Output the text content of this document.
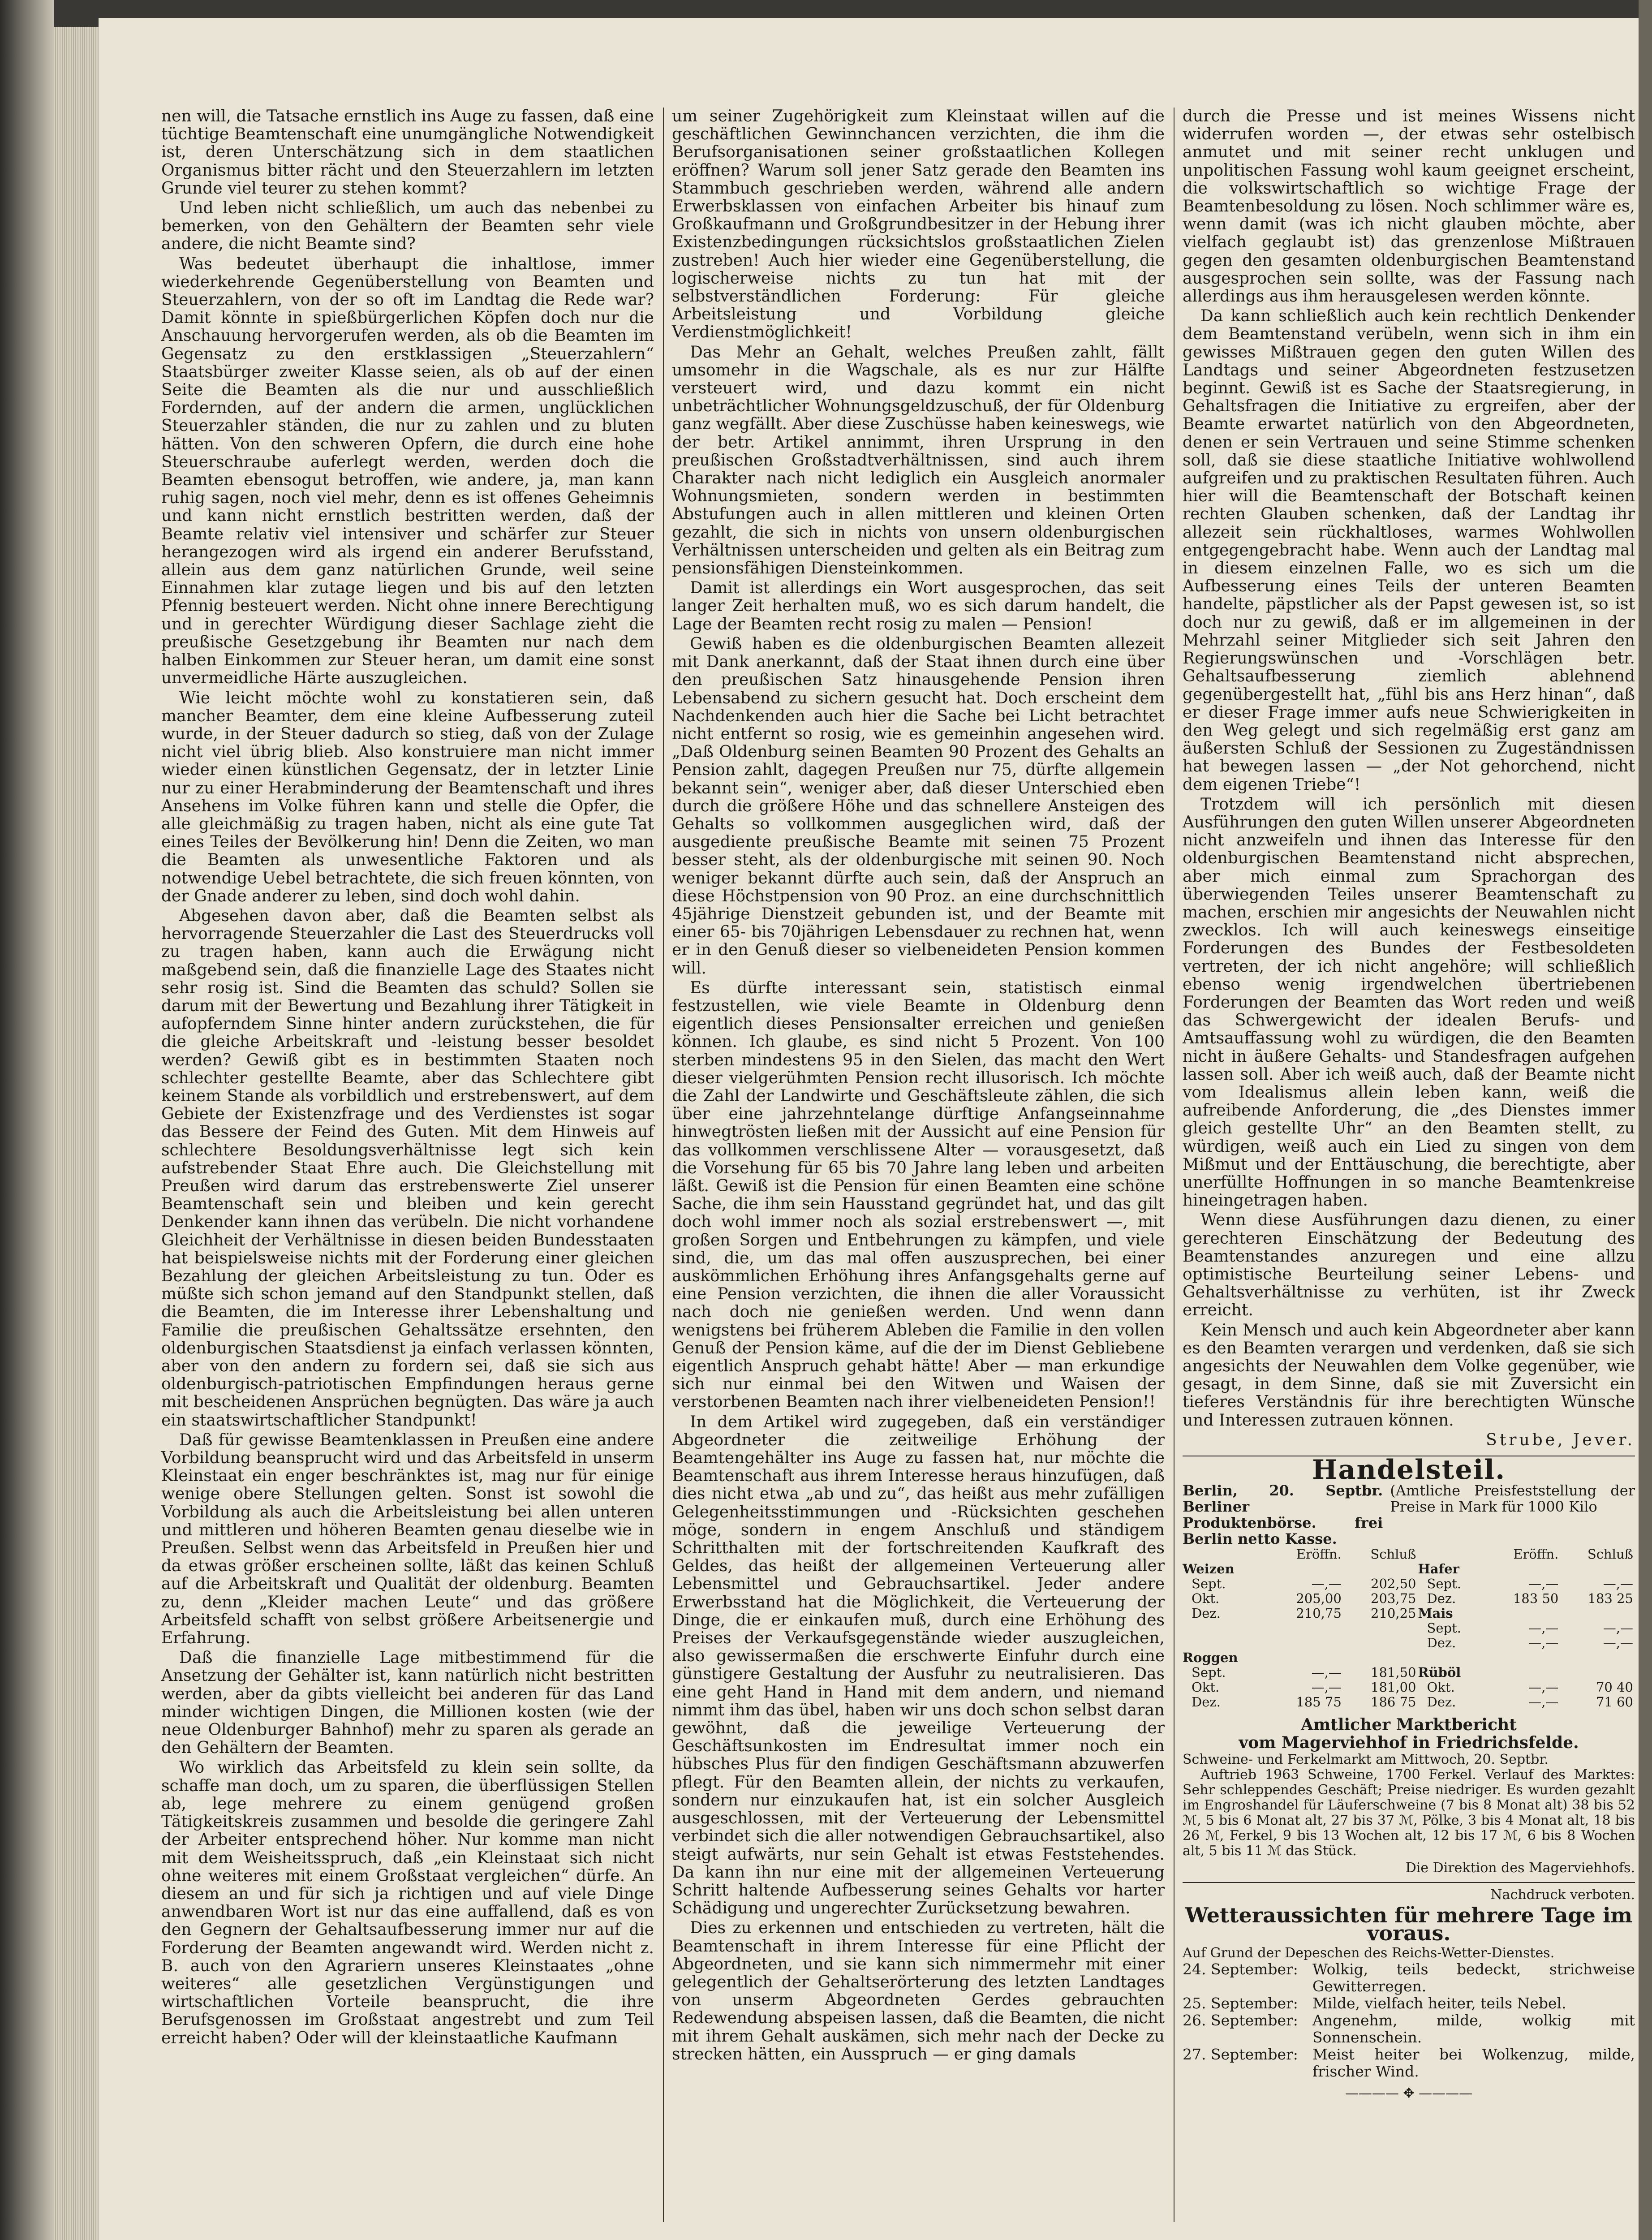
nen will, die Tatsache ernstlich ins Auge zu fassen, daß eine tüchtige Beamtenschaft eine unumgängliche Notwendigkeit ist, deren Unterschätzung sich in dem staatlichen Organismus bitter rächt und den Steuerzahlern im letzten Grunde viel teurer zu stehen kommt?

Und leben nicht schließlich, um auch das nebenbei zu bemerken, von den Gehältern der Beamten sehr viele andere, die nicht Beamte sind?

Was bedeutet überhaupt die inhaltlose, immer wiederkehrende Gegenüberstellung von Beamten und Steuerzahlern, von der so oft im Landtag die Rede war? Damit könnte in spießbürgerlichen Köpfen doch nur die Anschauung hervorgerufen werden, als ob die Beamten im Gegensatz zu den erstklassigen „Steuerzahlern“ Staatsbürger zweiter Klasse seien, als ob auf der einen Seite die Beamten als die nur und ausschließlich Fordernden, auf der andern die armen, unglücklichen Steuerzahler ständen, die nur zu zahlen und zu bluten hätten. Von den schweren Opfern, die durch eine hohe Steuerschraube auferlegt werden, werden doch die Beamten ebensogut betroffen, wie andere, ja, man kann ruhig sagen, noch viel mehr, denn es ist offenes Geheimnis und kann nicht ernstlich bestritten werden, daß der Beamte relativ viel intensiver und schärfer zur Steuer herangezogen wird als irgend ein anderer Berufsstand, allein aus dem ganz natürlichen Grunde, weil seine Einnahmen klar zutage liegen und bis auf den letzten Pfennig besteuert werden. Nicht ohne innere Berechtigung und in gerechter Würdigung dieser Sachlage zieht die preußische Gesetzgebung ihr Beamten nur nach dem halben Einkommen zur Steuer heran, um damit eine sonst unvermeidliche Härte auszugleichen.

Wie leicht möchte wohl zu konstatieren sein, daß mancher Beamter, dem eine kleine Aufbesserung zuteil wurde, in der Steuer dadurch so stieg, daß von der Zulage nicht viel übrig blieb. Also konstruiere man nicht immer wieder einen künstlichen Gegensatz, der in letzter Linie nur zu einer Herabminderung der Beamtenschaft und ihres Ansehens im Volke führen kann und stelle die Opfer, die alle gleichmäßig zu tragen haben, nicht als eine gute Tat eines Teiles der Bevölkerung hin! Denn die Zeiten, wo man die Beamten als unwesentliche Faktoren und als notwendige Uebel betrachtete, die sich freuen könnten, von der Gnade anderer zu leben, sind doch wohl dahin.

Abgesehen davon aber, daß die Beamten selbst als hervorragende Steuerzahler die Last des Steuerdrucks voll zu tragen haben, kann auch die Erwägung nicht maßgebend sein, daß die finanzielle Lage des Staates nicht sehr rosig ist. Sind die Beamten das schuld? Sollen sie darum mit der Bewertung und Bezahlung ihrer Tätigkeit in aufopferndem Sinne hinter andern zurückstehen, die für die gleiche Arbeitskraft und -leistung besser besoldet werden? Gewiß gibt es in bestimmten Staaten noch schlechter gestellte Beamte, aber das Schlechtere gibt keinem Stande als vorbildlich und erstrebenswert, auf dem Gebiete der Existenzfrage und des Verdienstes ist sogar das Bessere der Feind des Guten. Mit dem Hinweis auf schlechtere Besoldungsverhältnisse legt sich kein aufstrebender Staat Ehre auch. Die Gleichstellung mit Preußen wird darum das erstrebenswerte Ziel unserer Beamtenschaft sein und bleiben und kein gerecht Denkender kann ihnen das verübeln. Die nicht vorhandene Gleichheit der Verhältnisse in diesen beiden Bundesstaaten hat beispielsweise nichts mit der Forderung einer gleichen Bezahlung der gleichen Arbeitsleistung zu tun. Oder es müßte sich schon jemand auf den Standpunkt stellen, daß die Beamten, die im Interesse ihrer Lebenshaltung und Familie die preußischen Gehaltssätze ersehnten, den oldenburgischen Staatsdienst ja einfach verlassen könnten, aber von den andern zu fordern sei, daß sie sich aus oldenburgisch-patriotischen Empfindungen heraus gerne mit bescheidenen Ansprüchen begnügten. Das wäre ja auch ein staatswirtschaftlicher Standpunkt!

Daß für gewisse Beamtenklassen in Preußen eine andere Vorbildung beansprucht wird und das Arbeitsfeld in unserm Kleinstaat ein enger beschränktes ist, mag nur für einige wenige obere Stellungen gelten. Sonst ist sowohl die Vorbildung als auch die Arbeitsleistung bei allen unteren und mittleren und höheren Beamten genau dieselbe wie in Preußen. Selbst wenn das Arbeitsfeld in Preußen hier und da etwas größer erscheinen sollte, läßt das keinen Schluß auf die Arbeitskraft und Qualität der oldenburg. Beamten zu, denn „Kleider machen Leute“ und das größere Arbeitsfeld schafft von selbst größere Arbeitsenergie und Erfahrung.

Daß die finanzielle Lage mitbestimmend für die Ansetzung der Gehälter ist, kann natürlich nicht bestritten werden, aber da gibts vielleicht bei anderen für das Land minder wichtigen Dingen, die Millionen kosten (wie der neue Oldenburger Bahnhof) mehr zu sparen als gerade an den Gehältern der Beamten.

Wo wirklich das Arbeitsfeld zu klein sein sollte, da schaffe man doch, um zu sparen, die überflüssigen Stellen ab, lege mehrere zu einem genügend großen Tätigkeitskreis zusammen und besolde die geringere Zahl der Arbeiter entsprechend höher. Nur komme man nicht mit dem Weisheitsspruch, daß „ein Kleinstaat sich nicht ohne weiteres mit einem Großstaat vergleichen“ dürfe. An diesem an und für sich ja richtigen und auf viele Dinge anwendbaren Wort ist nur das eine auffallend, daß es von den Gegnern der Gehaltsaufbesserung immer nur auf die Forderung der Beamten angewandt wird. Werden nicht z. B. auch von den Agrariern unseres Kleinstaates „ohne weiteres“ alle gesetzlichen Vergünstigungen und wirtschaftlichen Vorteile beansprucht, die ihre Berufsgenossen im Großstaat angestrebt und zum Teil erreicht haben? Oder will der kleinstaatliche Kaufmann

um seiner Zugehörigkeit zum Kleinstaat willen auf die geschäftlichen Gewinnchancen verzichten, die ihm die Berufsorganisationen seiner großstaatlichen Kollegen eröffnen? Warum soll jener Satz gerade den Beamten ins Stammbuch geschrieben werden, während alle andern Erwerbsklassen von einfachen Arbeiter bis hinauf zum Großkaufmann und Großgrundbesitzer in der Hebung ihrer Existenzbedingungen rücksichtslos großstaatlichen Zielen zustreben! Auch hier wieder eine Gegenüberstellung, die logischerweise nichts zu tun hat mit der selbstverständlichen Forderung: Für gleiche Arbeitsleistung und Vorbildung gleiche Verdienstmöglichkeit!

Das Mehr an Gehalt, welches Preußen zahlt, fällt umsomehr in die Wagschale, als es nur zur Hälfte versteuert wird, und dazu kommt ein nicht unbeträchtlicher Wohnungsgeldzuschuß, der für Oldenburg ganz wegfällt. Aber diese Zuschüsse haben keineswegs, wie der betr. Artikel annimmt, ihren Ursprung in den preußischen Großstadtverhältnissen, sind auch ihrem Charakter nach nicht lediglich ein Ausgleich anormaler Wohnungsmieten, sondern werden in bestimmten Abstufungen auch in allen mittleren und kleinen Orten gezahlt, die sich in nichts von unsern oldenburgischen Verhältnissen unterscheiden und gelten als ein Beitrag zum pensionsfähigen Diensteinkommen.

Damit ist allerdings ein Wort ausgesprochen, das seit langer Zeit herhalten muß, wo es sich darum handelt, die Lage der Beamten recht rosig zu malen — Pension!

Gewiß haben es die oldenburgischen Beamten allezeit mit Dank anerkannt, daß der Staat ihnen durch eine über den preußischen Satz hinausgehende Pension ihren Lebensabend zu sichern gesucht hat. Doch erscheint dem Nachdenkenden auch hier die Sache bei Licht betrachtet nicht entfernt so rosig, wie es gemeinhin angesehen wird. „Daß Oldenburg seinen Beamten 90 Prozent des Gehalts an Pension zahlt, dagegen Preußen nur 75, dürfte allgemein bekannt sein“, weniger aber, daß dieser Unterschied eben durch die größere Höhe und das schnellere Ansteigen des Gehalts so vollkommen ausgeglichen wird, daß der ausgediente preußische Beamte mit seinen 75 Prozent besser steht, als der oldenburgische mit seinen 90. Noch weniger bekannt dürfte auch sein, daß der Anspruch an diese Höchstpension von 90 Proz. an eine durchschnittlich 45jährige Dienstzeit gebunden ist, und der Beamte mit einer 65- bis 70jährigen Lebensdauer zu rechnen hat, wenn er in den Genuß dieser so vielbeneideten Pension kommen will.

Es dürfte interessant sein, statistisch einmal festzustellen, wie viele Beamte in Oldenburg denn eigentlich dieses Pensionsalter erreichen und genießen können. Ich glaube, es sind nicht 5 Prozent. Von 100 sterben mindestens 95 in den Sielen, das macht den Wert dieser vielgerühmten Pension recht illusorisch. Ich möchte die Zahl der Landwirte und Geschäftsleute zählen, die sich über eine jahrzehntelange dürftige Anfangseinnahme hinwegtrösten ließen mit der Aussicht auf eine Pension für das vollkommen verschlissene Alter — vorausgesetzt, daß die Vorsehung für 65 bis 70 Jahre lang leben und arbeiten läßt. Gewiß ist die Pension für einen Beamten eine schöne Sache, die ihm sein Hausstand gegründet hat, und das gilt doch wohl immer noch als sozial erstrebenswert —, mit großen Sorgen und Entbehrungen zu kämpfen, und viele sind, die, um das mal offen auszusprechen, bei einer auskömmlichen Erhöhung ihres Anfangsgehalts gerne auf eine Pension verzichten, die ihnen die aller Voraussicht nach doch nie genießen werden. Und wenn dann wenigstens bei früherem Ableben die Familie in den vollen Genuß der Pension käme, auf die der im Dienst Gebliebene eigentlich Anspruch gehabt hätte! Aber — man erkundige sich nur einmal bei den Witwen und Waisen der verstorbenen Beamten nach ihrer vielbeneideten Pension!!

In dem Artikel wird zugegeben, daß ein verständiger Abgeordneter die zeitweilige Erhöhung der Beamtengehälter ins Auge zu fassen hat, nur möchte die Beamtenschaft aus ihrem Interesse heraus hinzufügen, daß dies nicht etwa „ab und zu“, das heißt aus mehr zufälligen Gelegenheitsstimmungen und -Rücksichten geschehen möge, sondern in engem Anschluß und ständigem Schritthalten mit der fortschreitenden Kaufkraft des Geldes, das heißt der allgemeinen Verteuerung aller Lebensmittel und Gebrauchsartikel. Jeder andere Erwerbsstand hat die Möglichkeit, die Verteuerung der Dinge, die er einkaufen muß, durch eine Erhöhung des Preises der Verkaufsgegenstände wieder auszugleichen, also gewissermaßen die erschwerte Einfuhr durch eine günstigere Gestaltung der Ausfuhr zu neutralisieren. Das eine geht Hand in Hand mit dem andern, und niemand nimmt ihm das übel, haben wir uns doch schon selbst daran gewöhnt, daß die jeweilige Verteuerung der Geschäftsunkosten im Endresultat immer noch ein hübsches Plus für den findigen Geschäftsmann abzuwerfen pflegt. Für den Beamten allein, der nichts zu verkaufen, sondern nur einzukaufen hat, ist ein solcher Ausgleich ausgeschlossen, mit der Verteuerung der Lebensmittel verbindet sich die aller notwendigen Gebrauchsartikel, also steigt aufwärts, nur sein Gehalt ist etwas Feststehendes. Da kann ihn nur eine mit der allgemeinen Verteuerung Schritt haltende Aufbesserung seines Gehalts vor harter Schädigung und ungerechter Zurücksetzung bewahren.

Dies zu erkennen und entschieden zu vertreten, hält die Beamtenschaft in ihrem Interesse für eine Pflicht der Abgeordneten, und sie kann sich nimmermehr mit einer gelegentlich der Gehaltserörterung des letzten Landtages von unserm Abgeordneten Gerdes gebrauchten Redewendung abspeisen lassen, daß die Beamten, die nicht mit ihrem Gehalt auskämen, sich mehr nach der Decke zu strecken hätten, ein Ausspruch — er ging damals

durch die Presse und ist meines Wissens nicht widerrufen worden —, der etwas sehr ostelbisch anmutet und mit seiner recht unklugen und unpolitischen Fassung wohl kaum geeignet erscheint, die volkswirtschaftlich so wichtige Frage der Beamtenbesoldung zu lösen. Noch schlimmer wäre es, wenn damit (was ich nicht glauben möchte, aber vielfach geglaubt ist) das grenzenlose Mißtrauen gegen den gesamten oldenburgischen Beamtenstand ausgesprochen sein sollte, was der Fassung nach allerdings aus ihm herausgelesen werden könnte.

Da kann schließlich auch kein rechtlich Denkender dem Beamtenstand verübeln, wenn sich in ihm ein gewisses Mißtrauen gegen den guten Willen des Landtags und seiner Abgeordneten festzusetzen beginnt. Gewiß ist es Sache der Staatsregierung, in Gehaltsfragen die Initiative zu ergreifen, aber der Beamte erwartet natürlich von den Abgeordneten, denen er sein Vertrauen und seine Stimme schenken soll, daß sie diese staatliche Initiative wohlwollend aufgreifen und zu praktischen Resultaten führen. Auch hier will die Beamtenschaft der Botschaft keinen rechten Glauben schenken, daß der Landtag ihr allezeit sein rückhaltloses, warmes Wohlwollen entgegengebracht habe. Wenn auch der Landtag mal in diesem einzelnen Falle, wo es sich um die Aufbesserung eines Teils der unteren Beamten handelte, päpstlicher als der Papst gewesen ist, so ist doch nur zu gewiß, daß er im allgemeinen in der Mehrzahl seiner Mitglieder sich seit Jahren den Regierungswünschen und -Vorschlägen betr. Gehaltsaufbesserung ziemlich ablehnend gegenübergestellt hat, „fühl bis ans Herz hinan“, daß er dieser Frage immer aufs neue Schwierigkeiten in den Weg gelegt und sich regelmäßig erst ganz am äußersten Schluß der Sessionen zu Zugeständnissen hat bewegen lassen — „der Not gehorchend, nicht dem eigenen Triebe“!

Trotzdem will ich persönlich mit diesen Ausführungen den guten Willen unserer Abgeordneten nicht anzweifeln und ihnen das Interesse für den oldenburgischen Beamtenstand nicht absprechen, aber mich einmal zum Sprachorgan des überwiegenden Teiles unserer Beamtenschaft zu machen, erschien mir angesichts der Neuwahlen nicht zwecklos. Ich will auch keineswegs einseitige Forderungen des Bundes der Festbesoldeten vertreten, der ich nicht angehöre; will schließlich ebenso wenig irgendwelchen übertriebenen Forderungen der Beamten das Wort reden und weiß das Schwergewicht der idealen Berufs- und Amtsauffassung wohl zu würdigen, die den Beamten nicht in äußere Gehalts- und Standesfragen aufgehen lassen soll. Aber ich weiß auch, daß der Beamte nicht vom Idealismus allein leben kann, weiß die aufreibende Anforderung, die „des Dienstes immer gleich gestellte Uhr“ an den Beamten stellt, zu würdigen, weiß auch ein Lied zu singen von dem Mißmut und der Enttäuschung, die berechtigte, aber unerfüllte Hoffnungen in so manche Beamtenkreise hineingetragen haben.

Wenn diese Ausführungen dazu dienen, zu einer gerechteren Einschätzung der Bedeutung des Beamtenstandes anzuregen und eine allzu optimistische Beurteilung seiner Lebens- und Gehaltsverhältnisse zu verhüten, ist ihr Zweck erreicht.

Kein Mensch und auch kein Abgeordneter aber kann es den Beamten verargen und verdenken, daß sie sich angesichts der Neuwahlen dem Volke gegenüber, wie gesagt, in dem Sinne, daß sie mit Zuversicht ein tieferes Verständnis für ihre berechtigten Wünsche und Interessen zutrauen können.

Strube, Jever.
Handelsteil.
Berlin, 20. Septbr. Berliner Produktenbörse. frei Berlin netto Kasse.
(Amtliche Preisfeststellung der Preise in Mark für 1000 Kilo
	Eröffn.	Schluß		Eröffn.	Schluß
Weizen			Hafer		
Sept.	—,—	202,50	Sept.	—,—	—,—
Okt.	205,00	203,75	Dez.	183 50	183 25
Dez.	210,75	210,25	Mais		
			Sept.	—,—	—,—
			Dez.	—,—	—,—
Roggen					
Sept.	—,—	181,50	Rüböl		
Okt.	—,—	181,00	Okt.	—,—	70 40
Dez.	185 75	186 75	Dez.	—,—	71 60
Amtlicher Marktbericht
vom Magerviehhof in Friedrichsfelde.
Schweine- und Ferkelmarkt am Mittwoch, 20. Septbr.

Auftrieb 1963 Schweine, 1700 Ferkel. Verlauf des Marktes: Sehr schleppendes Geschäft; Preise niedriger. Es wurden gezahlt im Engroshandel für Läuferschweine (7 bis 8 Monat alt) 38 bis 52 ℳ, 5 bis 6 Monat alt, 27 bis 37 ℳ, Pölke, 3 bis 4 Monat alt, 18 bis 26 ℳ, Ferkel, 9 bis 13 Wochen alt, 12 bis 17 ℳ, 6 bis 8 Wochen alt, 5 bis 11 ℳ das Stück.

Die Direktion des Magerviehhofs.
Nachdruck verboten.
Wetteraussichten für mehrere Tage im voraus.
Auf Grund der Depeschen des Reichs-Wetter-Dienstes.
24. September: Wolkig, teils bedeckt, strichweise Gewitterregen.
25. September: Milde, vielfach heiter, teils Nebel.
26. September: Angenehm, milde, wolkig mit Sonnenschein.
27. September: Meist heiter bei Wolkenzug, milde, frischer Wind.
———— ✥ ————
